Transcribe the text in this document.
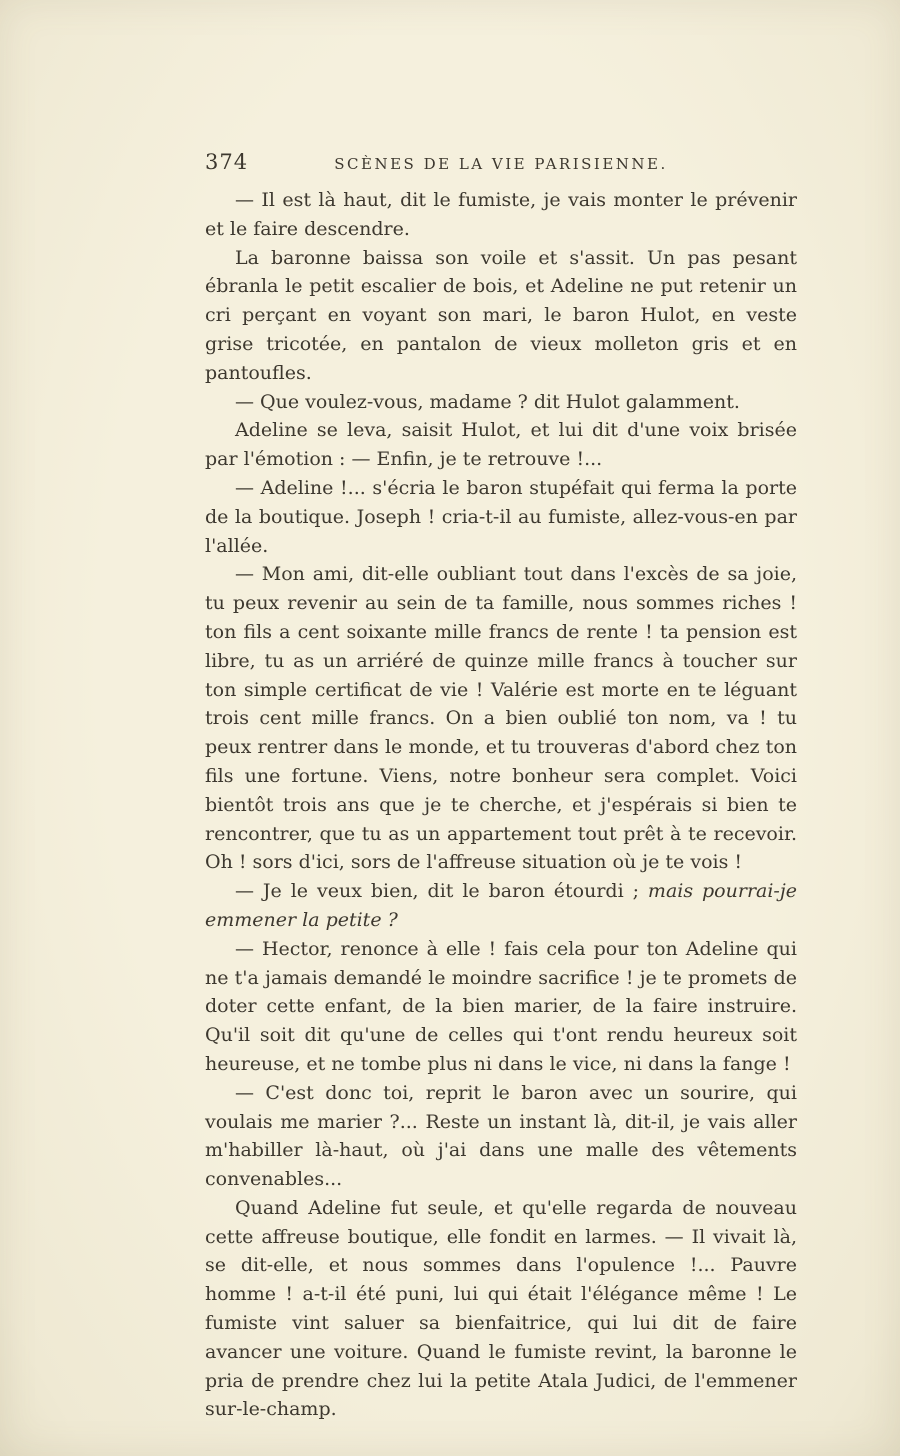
374	SCÈNES DE LA VIE PARISIENNE.

— Il est là haut, dit le fumiste, je vais monter le prévenir et le faire descendre.

La baronne baissa son voile et s'assit. Un pas pesant ébranla le petit escalier de bois, et Adeline ne put retenir un cri perçant en voyant son mari, le baron Hulot, en veste grise tricotée, en pantalon de vieux molleton gris et en pantoufles.

— Que voulez-vous, madame ? dit Hulot galamment.

Adeline se leva, saisit Hulot, et lui dit d'une voix brisée par l'émotion : — Enfin, je te retrouve !...

— Adeline !... s'écria le baron stupéfait qui ferma la porte de la boutique. Joseph ! cria-t-il au fumiste, allez-vous-en par l'allée.

— Mon ami, dit-elle oubliant tout dans l'excès de sa joie, tu peux revenir au sein de ta famille, nous sommes riches ! ton fils a cent soixante mille francs de rente ! ta pension est libre, tu as un arriéré de quinze mille francs à toucher sur ton simple certificat de vie ! Valérie est morte en te léguant trois cent mille francs. On a bien oublié ton nom, va ! tu peux rentrer dans le monde, et tu trouveras d'abord chez ton fils une fortune. Viens, notre bonheur sera complet. Voici bientôt trois ans que je te cherche, et j'espérais si bien te rencontrer, que tu as un appartement tout prêt à te recevoir. Oh ! sors d'ici, sors de l'affreuse situation où je te vois !

— Je le veux bien, dit le baron étourdi ; mais pourrai-je emmener la petite ?

— Hector, renonce à elle ! fais cela pour ton Adeline qui ne t'a jamais demandé le moindre sacrifice ! je te promets de doter cette enfant, de la bien marier, de la faire instruire. Qu'il soit dit qu'une de celles qui t'ont rendu heureux soit heureuse, et ne tombe plus ni dans le vice, ni dans la fange !

— C'est donc toi, reprit le baron avec un sourire, qui voulais me marier ?... Reste un instant là, dit-il, je vais aller m'habiller là-haut, où j'ai dans une malle des vêtements convenables...

Quand Adeline fut seule, et qu'elle regarda de nouveau cette affreuse boutique, elle fondit en larmes. — Il vivait là, se dit-elle, et nous sommes dans l'opulence !... Pauvre homme ! a-t-il été puni, lui qui était l'élégance même ! Le fumiste vint saluer sa bienfaitrice, qui lui dit de faire avancer une voiture. Quand le fumiste revint, la baronne le pria de prendre chez lui la petite Atala Judici, de l'emmener sur-le-champ.
